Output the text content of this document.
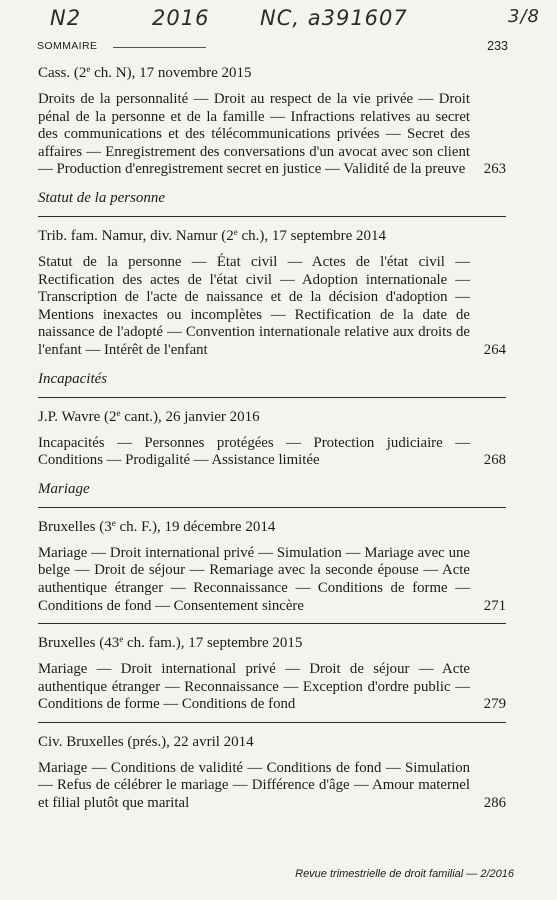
N2	2016 NC, a391607	3/8
SOMMAIRE	233
Cass. (2e ch. N), 17 novembre 2015
Droits de la personnalité — Droit au respect de la vie privée — Droit pénal de la personne et de la famille — Infractions relatives au secret des communications et des télécommunications privées — Secret des affaires — Enregistrement des conversations d'un avocat avec son client — Production d'enregistrement secret en justice — Validité de la preuve	263
Statut de la personne
Trib. fam. Namur, div. Namur (2e ch.), 17 septembre 2014
Statut de la personne — État civil — Actes de l'état civil — Rectification des actes de l'état civil — Adoption internationale — Transcription de l'acte de naissance et de la décision d'adoption — Mentions inexactes ou incomplètes — Rectification de la date de naissance de l'adopté — Convention internationale relative aux droits de l'enfant — Intérêt de l'enfant	264
Incapacités
J.P. Wavre (2e cant.), 26 janvier 2016
Incapacités — Personnes protégées — Protection judiciaire — Conditions — Prodigalité — Assistance limitée	268
Mariage
Bruxelles (3e ch. F.), 19 décembre 2014
Mariage — Droit international privé — Simulation — Mariage avec une belge — Droit de séjour — Remariage avec la seconde épouse — Acte authentique étranger — Reconnaissance — Conditions de forme — Conditions de fond — Consentement sincère	271
Bruxelles (43e ch. fam.), 17 septembre 2015
Mariage — Droit international privé — Droit de séjour — Acte authentique étranger — Reconnaissance — Exception d'ordre public — Conditions de forme — Conditions de fond	279
Civ. Bruxelles (prés.), 22 avril 2014
Mariage — Conditions de validité — Conditions de fond — Simulation — Refus de célébrer le mariage — Différence d'âge — Amour maternel et filial plutôt que marital	286
Revue trimestrielle de droit familial — 2/2016
